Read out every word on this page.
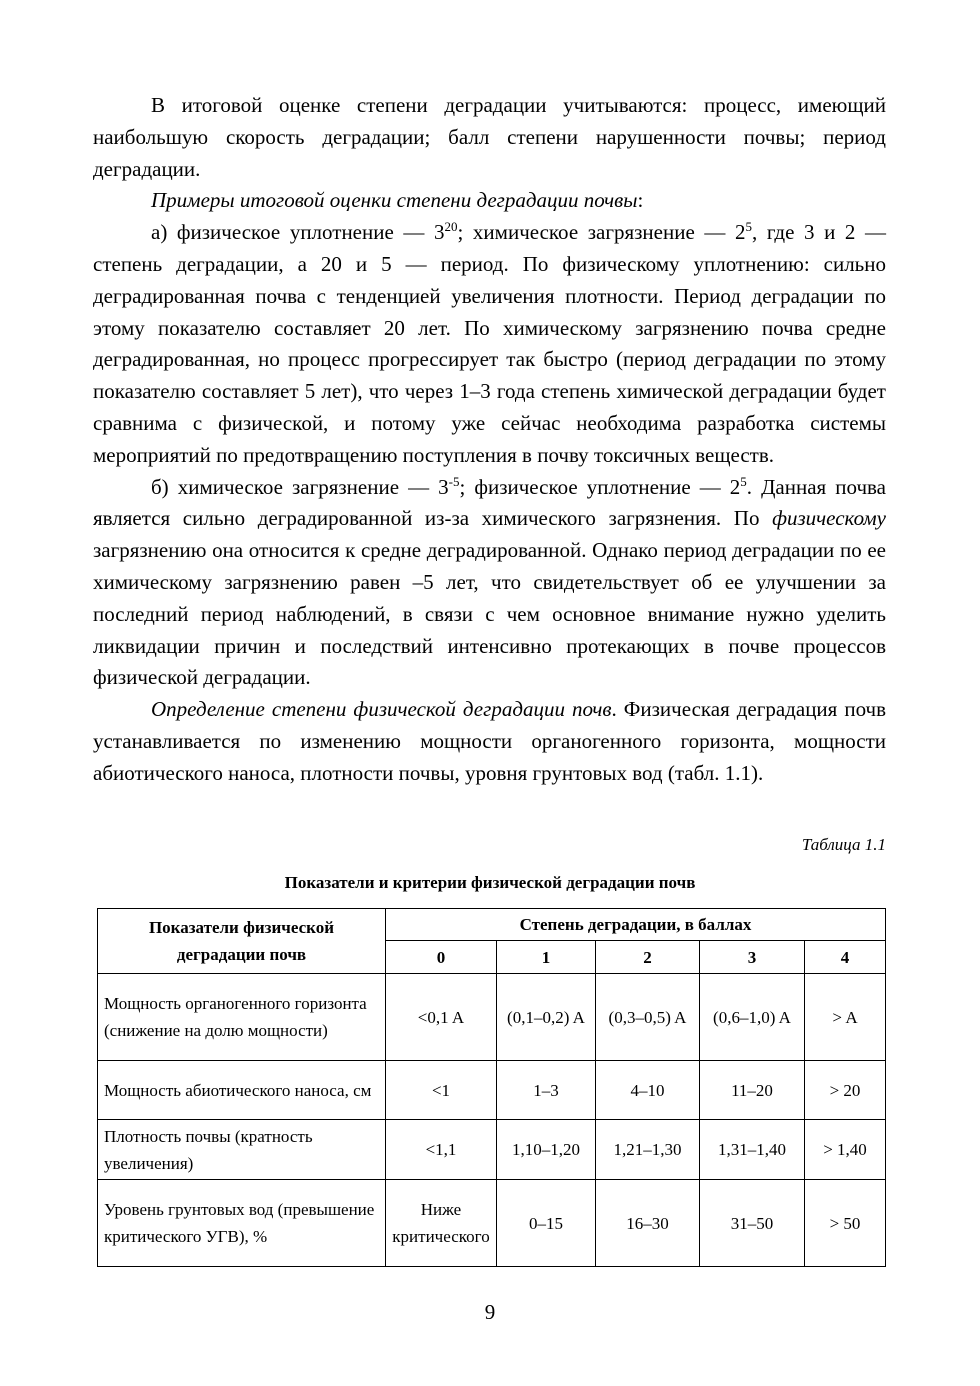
В итоговой оценке степени деградации учитываются: процесс, имеющий наибольшую скорость деградации; балл степени нарушенности почвы; период деградации.

Примеры итоговой оценки степени деградации почвы:

а) физическое уплотнение — $3^{20}$; химическое загрязнение — $2^5$, где 3 и 2 — степень деградации, а 20 и 5 — период. По физическому уплотнению: сильно деградированная почва с тенденцией увеличения плотности. Период деградации по этому показателю составляет 20 лет. По химическому загрязнению почва средне деградированная, но процесс прогрессирует так быстро (период деградации по этому показателю составляет 5 лет), что через 1–3 года степень химической деградации будет сравнима с физической, и потому уже сейчас необходима разработка системы мероприятий по предотвращению поступления в почву токсичных веществ.

б) химическое загрязнение — $3^{-5}$; физическое уплотнение — $2^5$. Данная почва является сильно деградированной из-за химического загрязнения. По физическому загрязнению она относится к средне деградированной. Однако период деградации по ее химическому загрязнению равен –5 лет, что свидетельствует об ее улучшении за последний период наблюдений, в связи с чем основное внимание нужно уделить ликвидации причин и последствий интенсивно протекающих в почве процессов физической деградации.

Определение степени физической деградации почв. Физическая деградация почв устанавливается по изменению мощности органогенного горизонта, мощности абиотического наноса, плотности почвы, уровня грунтовых вод (табл. 1.1).

Таблица 1.1
Показатели и критерии физической деградации почв
Показатели физической деградации почв	Степень деградации, в баллах				
	0	1	2	3	4
Мощность органогенного горизонта (снижение на долю мощности)	<0,1 A	(0,1–0,2) A	(0,3–0,5) A	(0,6–1,0) A	> A
Мощность абиотического наноса, см	<1	1–3	4–10	11–20	> 20
Плотность почвы (кратность увеличения)	<1,1	1,10–1,20	1,21–1,30	1,31–1,40	> 1,40
Уровень грунтовых вод (превышение критического УГВ), %	Ниже критического	0–15	16–30	31–50	> 50
9
